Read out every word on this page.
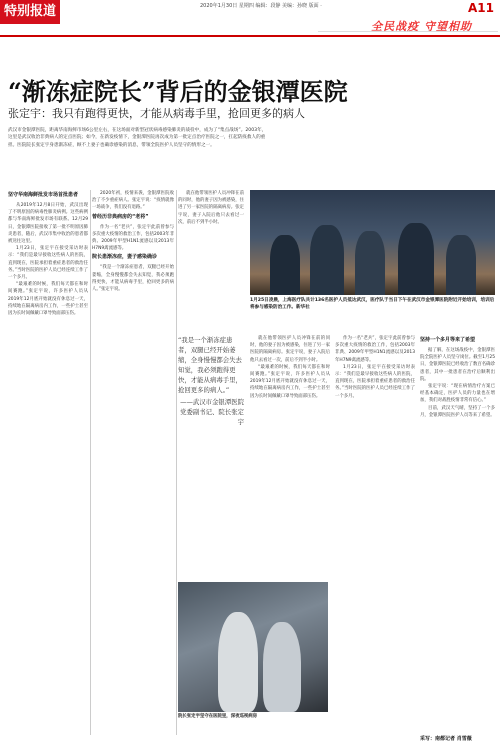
特别报道	2020年1月30日 星期四 编辑：段静 美编：孙晓 版面 ·	A11
全民战疫 守望相助
“渐冻症院长”背后的金银潭医院
张定宇：我只有跑得更快，才能从病毒手里，抢回更多的病人

武汉市金银潭医院，距离华南海鲜市场6公里左右，在这场面对新型冠状病毒感染肺炎的战役中，成为了“集点战场”。2003年，这里是武汉收治非典病人的定点医院；如今，在新发疫情下，金银潭医院再次成为第一批定点治疗医院之一，扛起防疫救人的重担。医院院长张定宇身患渐冻症，顾不上妻子也确诊感染的消息，带领全院医护人员坚守的情形之一。

坚守华南海鲜批发市场首批患者

从2019年12月8日开始，武汉出现了不明原因的病毒性肺炎病例。这些病例都与华南海鲜批发市场有联系。12月29日，金银潭医院接收了第一批不明原因肺炎患者，随后，武汉市集中收治的患者都被送往这里。

1月23日，张定宇在接受采访时表示：“我们是最早接收这些病人的医院，直到现在，医院承担着重症患者的救治任务。”当时医院的医护人员已经连续工作了一个多月。

“最艰难的时候，我们每天都在和时间赛跑。”张定宇说，许多医护人员从2019年12月底开始就没有休息过一天，持续地在隔离病房内工作，一些护士甚至因为长时间佩戴口罩导致面部压伤。

2020年初，疫情来袭，金银潭医院收治了不少重症病人。张定宇说：“疫情就像一场战争，我们没有退路。”

曾经历非典病房的“老将”

作为一名“老兵”，张定宇此前曾参与多次重大疫情的救治工作，包括2003年非典、2009年甲型H1N1流感以及2013年H7N9禽流感等。

院长患渐冻症，妻子感染确诊

“我是一个渐冻症患者，双腿已经开始萎缩，全身慢慢都会失去知觉，我必须跑得更快，才能从病毒手里，抢回更多的病人。”张定宇说。

就在他带领医护人员冲锋在前的同时，他的妻子因为被感染，住进了另一家医院的隔离病房。张定宇说，妻子入院后他只去看过一次，前后不到半小时。

1月25日凌晨，上海医疗队共计136名医护人员抵达武汉，医疗队于当日下午在武汉市金银潭医院附近开始培训，培训后将参与感染防治工作。新华社
“我是一个渐冻症患者，双腿已经开始萎缩，全身慢慢都会失去知觉，我必须跑得更快，才能从病毒手里，抢回更多的病人。”
——武汉市金银潭医院党委副书记、院长张定宇

就在他带领医护人员冲锋在前的同时，他的妻子因为被感染，住进了另一家医院的隔离病房。张定宇说，妻子入院后他只去看过一次，前后不到半小时。

“最艰难的时候，我们每天都在和时间赛跑。”张定宇说，许多医护人员从2019年12月底开始就没有休息过一天，持续地在隔离病房内工作，一些护士甚至因为长时间佩戴口罩导致面部压伤。

作为一名“老兵”，张定宇此前曾参与多次重大疫情的救治工作，包括2003年非典、2009年甲型H1N1流感以及2013年H7N9禽流感等。

1月23日，张定宇在接受采访时表示：“我们是最早接收这些病人的医院，直到现在，医院承担着重症患者的救治任务。”当时医院的医护人员已经连续工作了一个多月。

坚持一个多月等来了希望

据了解，在这场战疫中，金银潭医院全院医护人员坚守岗位。截至1月25日，金银潭医院已经收治了数百名确诊患者，其中一批患者在治疗后顺利出院。

张定宇说：“现在病情治疗方案已经基本确定，医护人员的力量也在增加，我们对战胜疫情非常有信心。”

目前，武汉天气晴，坚持了一个多月，金银潭医院医护人员等来了希望。

院长张定宇坚守在医院里，深夜巡视病房
采写：南都记者 肖雪薇
